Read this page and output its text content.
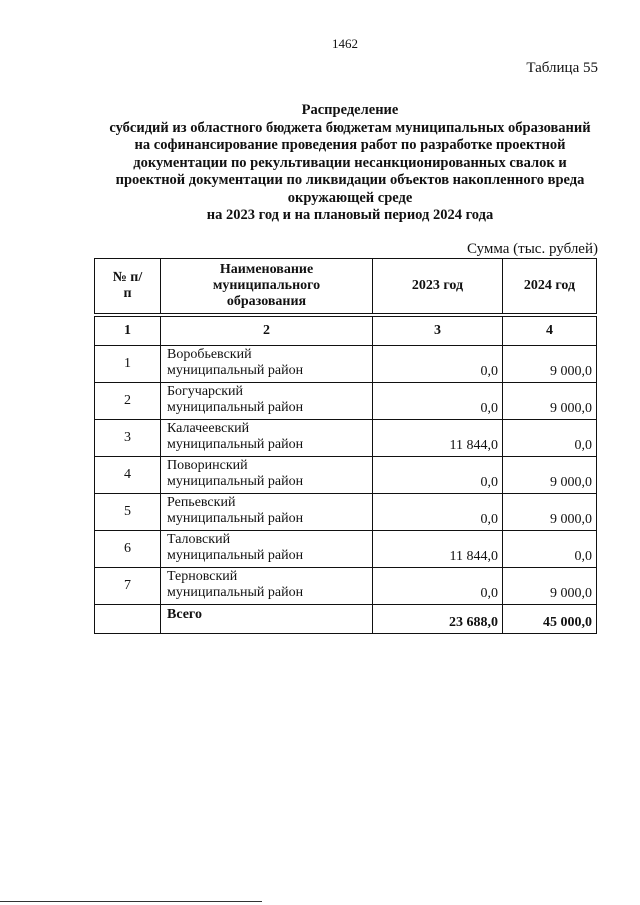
1462
Таблица 55
Распределение
субсидий из областного бюджета бюджетам муниципальных образований
на софинансирование проведения работ по разработке проектной
документации по рекультивации несанкционированных свалок и
проектной документации по ликвидации объектов накопленного вреда
окружающей среде
на 2023 год и на плановый период 2024 года
Сумма (тыс. рублей)
№ п/п	Наименование муниципального образования	2023 год	2024 год
1	2	3	4
1	Воробьевский
муниципальный район	0,0	9 000,0
2	Богучарский
муниципальный район	0,0	9 000,0
3	Калачеевский
муниципальный район	11 844,0	0,0
4	Поворинский
муниципальный район	0,0	9 000,0
5	Репьевский
муниципальный район	0,0	9 000,0
6	Таловский
муниципальный район	11 844,0	0,0
7	Терновский
муниципальный район	0,0	9 000,0
	Всего	23 688,0	45 000,0
